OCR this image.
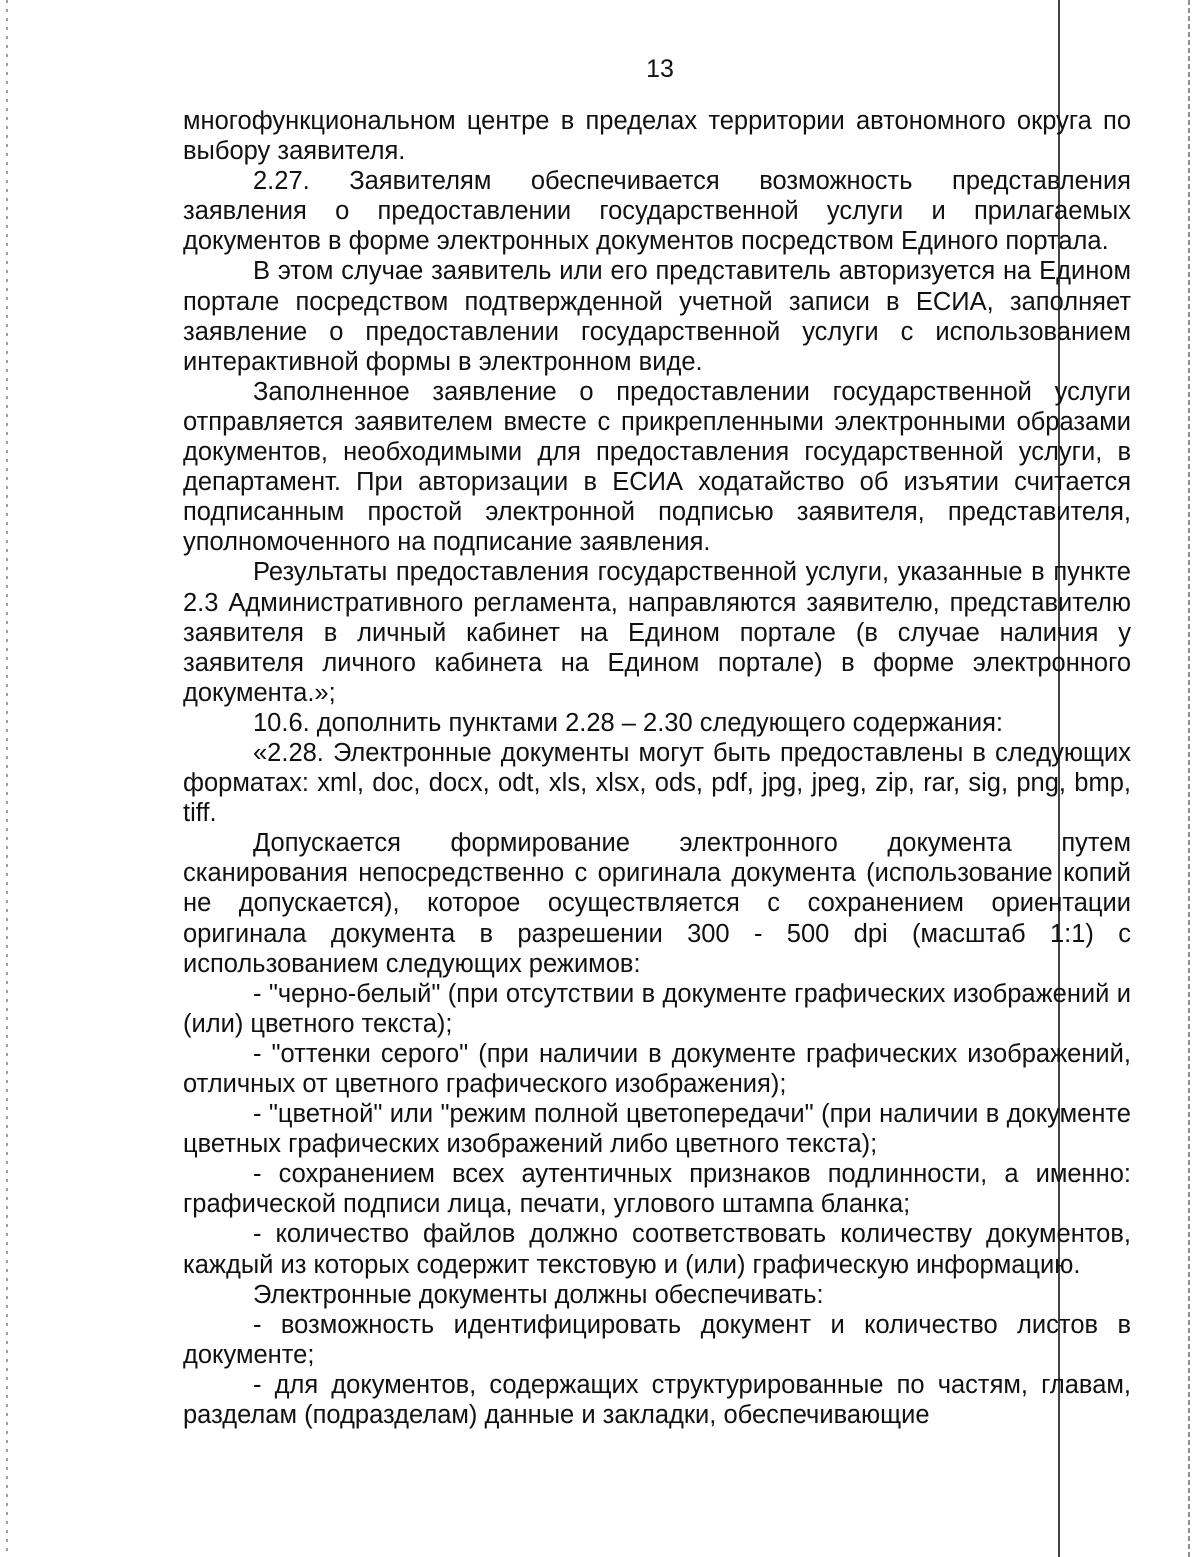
13

многофункциональном центре в пределах территории автономного округа по выбору заявителя.

2.27. Заявителям обеспечивается возможность представления заявления о предоставлении государственной услуги и прилагаемых документов в форме электронных документов посредством Единого портала.

В этом случае заявитель или его представитель авторизуется на Едином портале посредством подтвержденной учетной записи в ЕСИА, заполняет заявление о предоставлении государственной услуги с использованием интерактивной формы в электронном виде.

Заполненное заявление о предоставлении государственной услуги отправляется заявителем вместе с прикрепленными электронными образами документов, необходимыми для предоставления государственной услуги, в департамент. При авторизации в ЕСИА ходатайство об изъятии считается подписанным простой электронной подписью заявителя, представителя, уполномоченного на подписание заявления.

Результаты предоставления государственной услуги, указанные в пункте 2.3 Административного регламента, направляются заявителю, представителю заявителя в личный кабинет на Едином портале (в случае наличия у заявителя личного кабинета на Едином портале) в форме электронного документа.»;

10.6. дополнить пунктами 2.28 – 2.30 следующего содержания:

«2.28. Электронные документы могут быть предоставлены в следующих форматах: xml, doc, docx, odt, xls, xlsx, ods, pdf, jpg, jpeg, zip, rar, sig, png, bmp, tiff.

Допускается формирование электронного документа путем сканирования непосредственно с оригинала документа (использование копий не допускается), которое осуществляется с сохранением ориентации оригинала документа в разрешении 300 - 500 dpi (масштаб 1:1) с использованием следующих режимов:

- "черно-белый" (при отсутствии в документе графических изображений и (или) цветного текста);

- "оттенки серого" (при наличии в документе графических изображений, отличных от цветного графического изображения);

- "цветной" или "режим полной цветопередачи" (при наличии в документе цветных графических изображений либо цветного текста);

- сохранением всех аутентичных признаков подлинности, а именно: графической подписи лица, печати, углового штампа бланка;

- количество файлов должно соответствовать количеству документов, каждый из которых содержит текстовую и (или) графическую информацию.

Электронные документы должны обеспечивать:

- возможность идентифицировать документ и количество листов в документе;

- для документов, содержащих структурированные по частям, главам, разделам (подразделам) данные и закладки, обеспечивающие
